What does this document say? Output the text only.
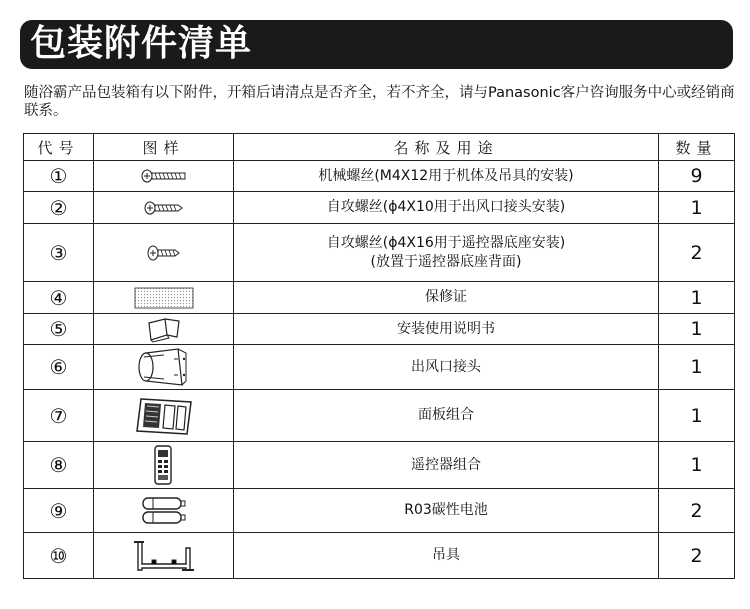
包装附件清单
随浴霸产品包装箱有以下附件，开箱后请清点是否齐全，若不齐全，请与Panasonic客户咨询服务中心或经销商联系。
代号	图样	名称及用途	数量
①		机械螺丝(M4X12用于机体及吊具的安装)	9
②		自攻螺丝(ϕ4X10用于出风口接头安装)	1
③		自攻螺丝(ϕ4X16用于遥控器底座安装)
(放置于遥控器底座背面)	2
④		保修证	1
⑤		安装使用说明书	1
⑥		出风口接头	1
⑦		面板组合	1
⑧		遥控器组合	1
⑨		R03碳性电池	2
⑩		吊具	2
